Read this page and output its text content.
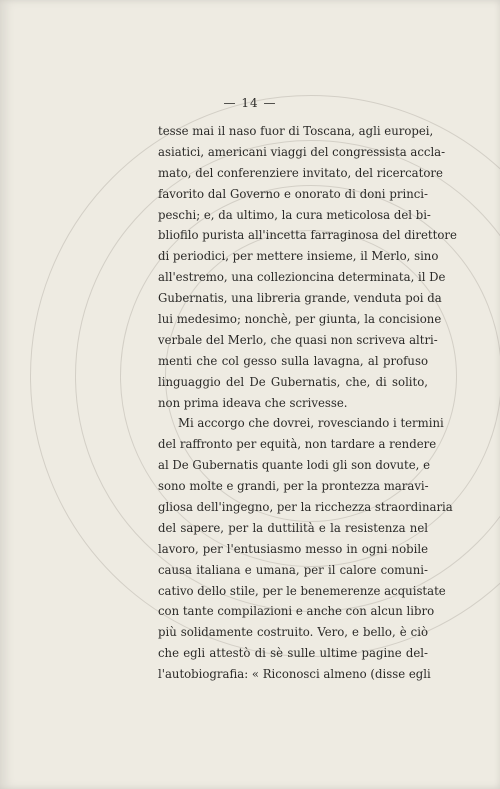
— 14 —
tesse mai il naso fuor di Toscana, agli europei,
asiatici, americani viaggi del congressista accla-
mato, del conferenziere invitato, del ricercatore
favorito dal Governo e onorato di doni princi-
peschi; e, da ultimo, la cura meticolosa del bi-
bliofilo purista all'incetta farraginosa del direttore
di periodici, per mettere insieme, il Merlo, sino
all'estremo, una collezioncina determinata, il De
Gubernatis, una libreria grande, venduta poi da
lui medesimo; nonchè, per giunta, la concisione
verbale del Merlo, che quasi non scriveva altri-
menti che col gesso sulla lavagna, al profuso
linguaggio del De Gubernatis, che, di solito,
non prima ideava che scrivesse.
Mi accorgo che dovrei, rovesciando i termini
del raffronto per equità, non tardare a rendere
al De Gubernatis quante lodi gli son dovute, e
sono molte e grandi, per la prontezza maravi-
gliosa dell'ingegno, per la ricchezza straordinaria
del sapere, per la duttilità e la resistenza nel
lavoro, per l'entusiasmo messo in ogni nobile
causa italiana e umana, per il calore comuni-
cativo dello stile, per le benemerenze acquistate
con tante compilazioni e anche con alcun libro
più solidamente costruito. Vero, e bello, è ciò
che egli attestò di sè sulle ultime pagine del-
l'autobiografia: « Riconosci almeno (disse egli
